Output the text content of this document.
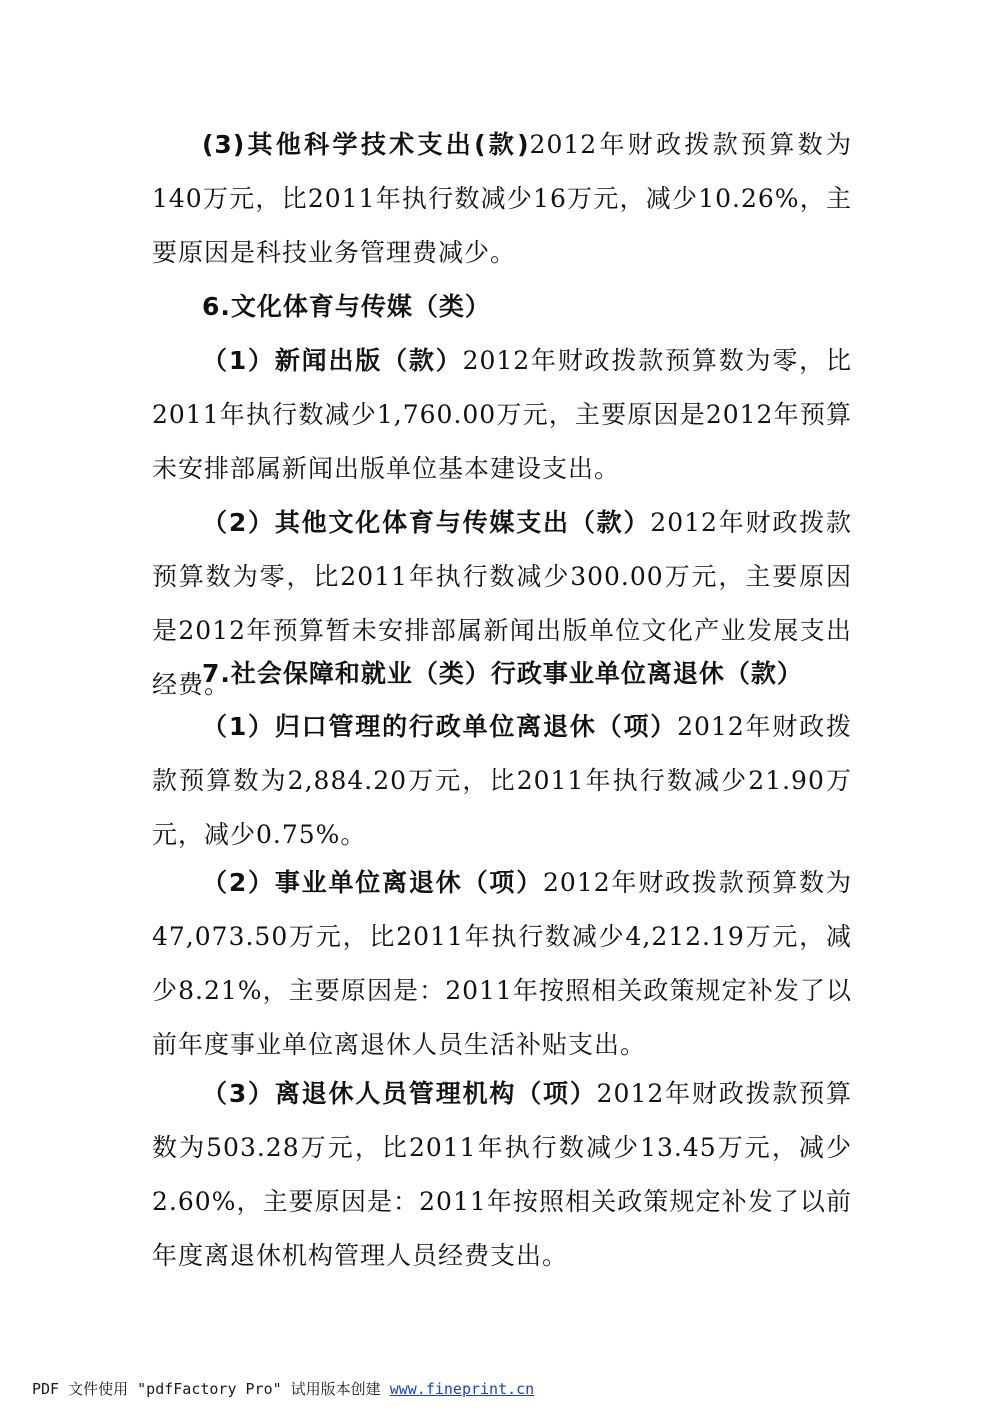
(3)其他科学技术支出(款)2012年财政拨款预算数为140万元，比2011年执行数减少16万元，减少10.26%，主要原因是科技业务管理费减少。

6.文化体育与传媒（类）

（1）新闻出版（款）2012年财政拨款预算数为零，比2011年执行数减少1,760.00万元，主要原因是2012年预算未安排部属新闻出版单位基本建设支出。

（2）其他文化体育与传媒支出（款）2012年财政拨款预算数为零，比2011年执行数减少300.00万元，主要原因是2012年预算暂未安排部属新闻出版单位文化产业发展支出经费。

7.社会保障和就业（类）行政事业单位离退休（款）

（1）归口管理的行政单位离退休（项）2012年财政拨款预算数为2,884.20万元，比2011年执行数减少21.90万元，减少0.75%。

（2）事业单位离退休（项）2012年财政拨款预算数为47,073.50万元，比2011年执行数减少4,212.19万元，减少8.21%，主要原因是：2011年按照相关政策规定补发了以前年度事业单位离退休人员生活补贴支出。

（3）离退休人员管理机构（项）2012年财政拨款预算数为503.28万元，比2011年执行数减少13.45万元，减少2.60%，主要原因是：2011年按照相关政策规定补发了以前年度离退休机构管理人员经费支出。

PDF 文件使用 "pdfFactory Pro" 试用版本创建 www.fineprint.cn
